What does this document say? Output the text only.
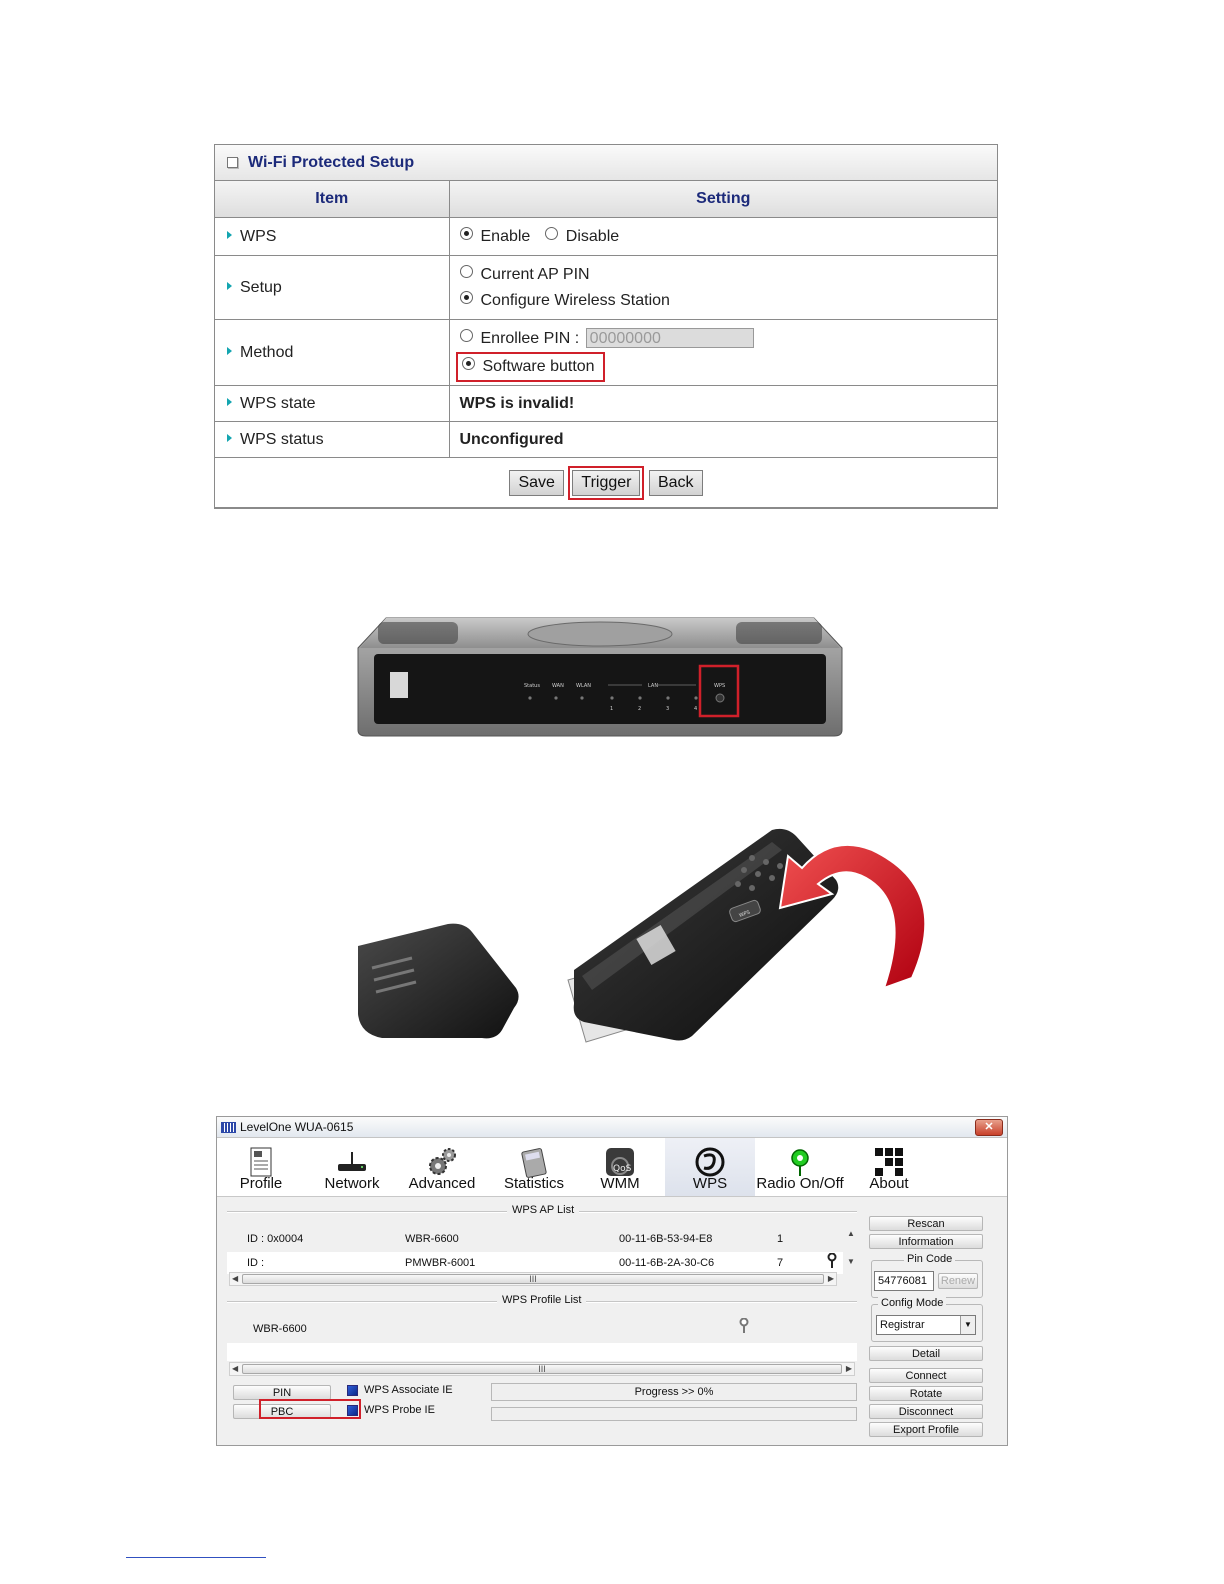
Wi-Fi Protected Setup
Item	Setting
WPS	Enable Disable
Setup	Current AP PIN
Configure Wireless Station

Method	Enrollee PIN : 00000000
Software button

WPS state	WPS is invalid!
WPS status	Unconfigured
Save Trigger Back	
Status WAN WLAN	LAN
1	2	3	4
WPS
WPS
LevelOne WUA-0615	✕
Profile	Network	Advanced	Statistics
QoS
WMM	WPS	Radio On/Off	About
WPS AP List
ID : 0x0004	WBR-6600	00-11-6B-53-94-E8	1
ID :	PMWBR-6001	00-11-6B-2A-30-C6	7
▲
▼
◀	III	▶
WPS Profile List
WBR-6600
◀	III	▶
PIN
PBC
WPS Associate IE
WPS Probe IE
Progress >> 0%
Rescan
Information
Pin Code
54776081	Renew
Config Mode
Registrar	▼
Detail
Connect
Rotate
Disconnect
Export Profile
